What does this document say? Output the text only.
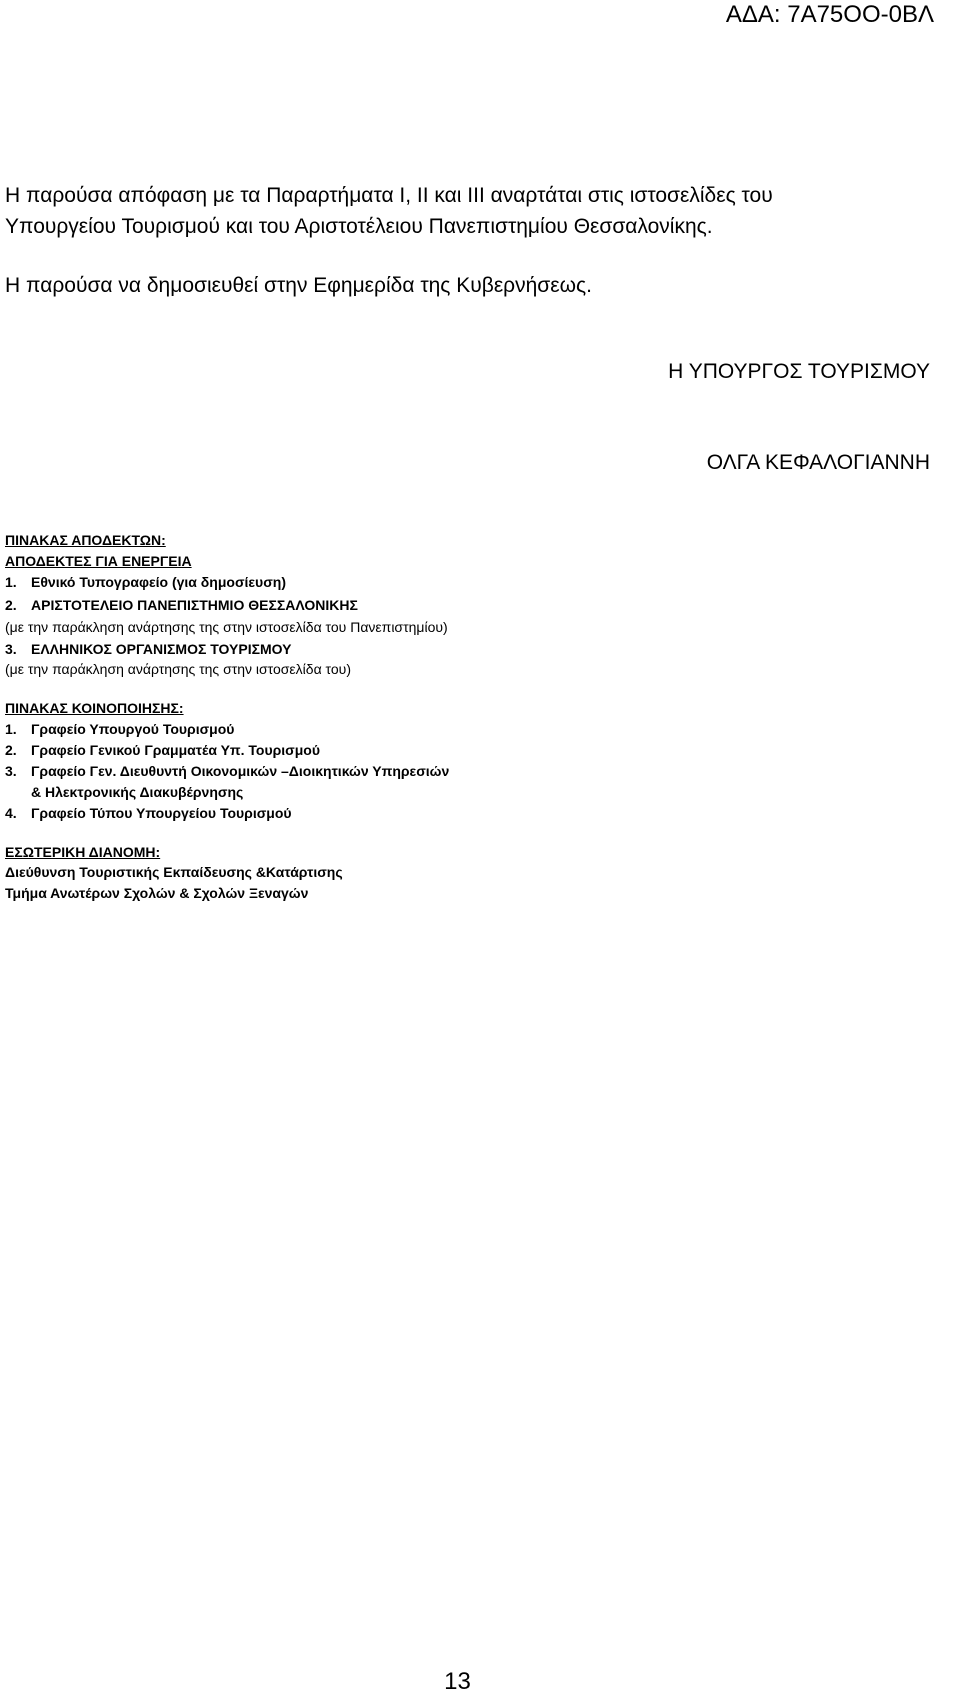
ΑΔΑ: 7Α75ΟΟ-0ΒΛ
Η παρούσα απόφαση με τα Παραρτήματα Ι, ΙΙ και ΙΙΙ αναρτάται στις ιστοσελίδες του
Υπουργείου Τουρισμού και του Αριστοτέλειου Πανεπιστημίου Θεσσαλονίκης.
Η παρούσα να δημοσιευθεί στην Εφημερίδα της Κυβερνήσεως.
Η ΥΠΟΥΡΓΟΣ ΤΟΥΡΙΣΜΟΥ
ΟΛΓΑ ΚΕΦΑΛΟΓΙΑΝΝΗ
ΠΙΝΑΚΑΣ ΑΠΟΔΕΚΤΩΝ:
ΑΠΟΔΕΚΤΕΣ ΓΙΑ ΕΝΕΡΓΕΙΑ
1. Εθνικό Τυπογραφείο (για δημοσίευση)
2. ΑΡΙΣΤΟΤΕΛΕΙΟ ΠΑΝΕΠΙΣΤΗΜΙΟ ΘΕΣΣΑΛΟΝΙΚΗΣ
(με την παράκληση ανάρτησης της στην ιστοσελίδα του Πανεπιστημίου)
3. ΕΛΛΗΝΙΚΟΣ ΟΡΓΑΝΙΣΜΟΣ ΤΟΥΡΙΣΜΟΥ
(με την παράκληση ανάρτησης της στην ιστοσελίδα του)
ΠΙΝΑΚΑΣ ΚΟΙΝΟΠΟΙΗΣΗΣ:
1. Γραφείο Υπουργού Τουρισμού
2. Γραφείο Γενικού Γραμματέα Υπ. Τουρισμού
3. Γραφείο Γεν. Διευθυντή Οικονομικών –Διοικητικών Υπηρεσιών
& Ηλεκτρονικής Διακυβέρνησης
4. Γραφείο Τύπου Υπουργείου Τουρισμού
ΕΣΩΤΕΡΙΚΗ ΔΙΑΝΟΜΗ:
Διεύθυνση Τουριστικής Εκπαίδευσης &Κατάρτισης
Τμήμα Ανωτέρων Σχολών & Σχολών Ξεναγών
13
